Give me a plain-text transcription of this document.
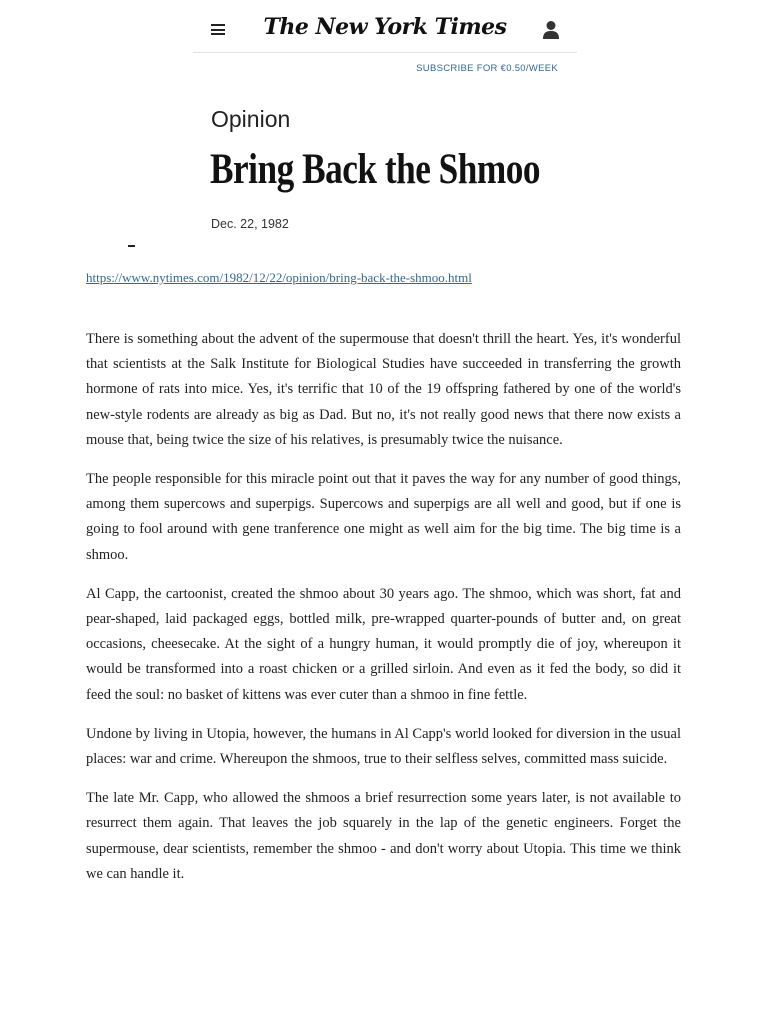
The New York Times
SUBSCRIBE FOR €0.50/WEEK
Opinion
Bring Back the Shmoo
Dec. 22, 1982
https://www.nytimes.com/1982/12/22/opinion/bring-back-the-shmoo.html

There is something about the advent of the supermouse that doesn't thrill the heart. Yes, it's wonderful that scientists at the Salk Institute for Biological Studies have succeeded in transferring the growth hormone of rats into mice. Yes, it's terrific that 10 of the 19 offspring fathered by one of the world's new-style rodents are already as big as Dad. But no, it's not really good news that there now exists a mouse that, being twice the size of his relatives, is presumably twice the nuisance.

The people responsible for this miracle point out that it paves the way for any number of good things, among them supercows and superpigs. Supercows and superpigs are all well and good, but if one is going to fool around with gene tranference one might as well aim for the big time. The big time is a shmoo.

Al Capp, the cartoonist, created the shmoo about 30 years ago. The shmoo, which was short, fat and pear-shaped, laid packaged eggs, bottled milk, pre-wrapped quarter-pounds of butter and, on great occasions, cheesecake. At the sight of a hungry human, it would promptly die of joy, whereupon it would be transformed into a roast chicken or a grilled sirloin. And even as it fed the body, so did it feed the soul: no basket of kittens was ever cuter than a shmoo in fine fettle.

Undone by living in Utopia, however, the humans in Al Capp's world looked for diversion in the usual places: war and crime. Whereupon the shmoos, true to their selfless selves, committed mass suicide.

The late Mr. Capp, who allowed the shmoos a brief resurrection some years later, is not available to resurrect them again. That leaves the job squarely in the lap of the genetic engineers. Forget the supermouse, dear scientists, remember the shmoo - and don't worry about Utopia. This time we think we can handle it.
